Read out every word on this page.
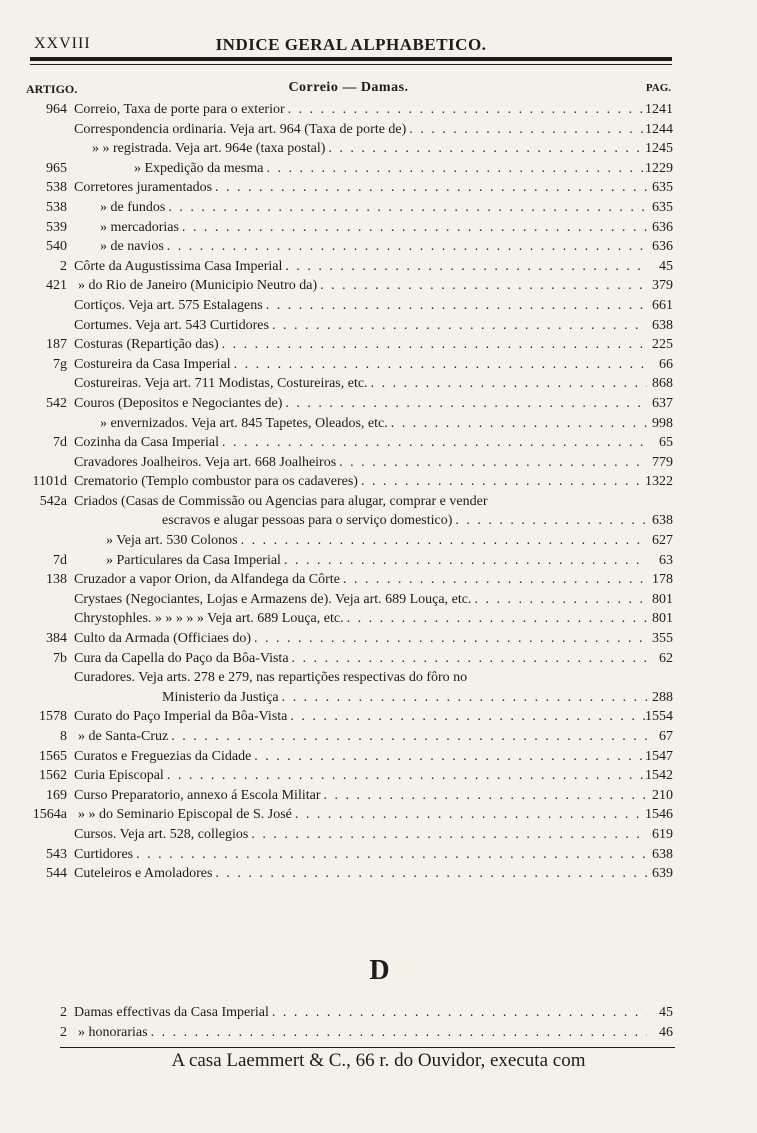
XXVIII	INDICE GERAL ALPHABETICO.
ARTIGO.	Correio — Damas.	PAG.
964 Correio, Taxa de porte para o exterior . . .	1241
Correspondencia ordinaria. Veja art. 964 (Taxa de porte de) . . .	1244
» » registrada. Veja art. 964e (taxa postal) . . .	1245
965	» Expedição da mesma . . .	1229
538 Corretores juramentados . . .	635
538 » de fundos . . .	635
539 » mercadorias . . .	636
540 » de navios . . .	636
2 Côrte da Augustissima Casa Imperial . . .	45
421 » do Rio de Janeiro (Municipio Neutro da) . . .	379
Cortiços. Veja art. 575 Estalagens . . .	661
Cortumes. Veja art. 543 Curtidores . . .	638
187 Costuras (Repartição das) . . .	225
7g Costureira da Casa Imperial . . .	66
Costureiras. Veja art. 711 Modistas, Costureiras, etc. . . .	868
542 Couros (Depositos e Negociantes de) . . .	637
» envernizados. Veja art. 845 Tapetes, Oleados, etc. . . .	998
7d Cozinha da Casa Imperial . . .	65
Cravadores Joalheiros. Veja art. 668 Joalheiros . . .	779
1101d Crematorio (Templo combustor para os cadaveres) . . .	1322
542a Criados (Casas de Commissão ou Agencias para alugar, comprar e vender
escravos e alugar pessoas para o serviço domestico) . . .	638
» Veja art. 530 Colonos . . .	627
7d	» Particulares da Casa Imperial . . .	63
138 Cruzador a vapor Orion, da Alfandega da Côrte . . .	178
Crystaes (Negociantes, Lojas e Armazens de). Veja art. 689 Louça, etc. . . .	801
Chrystophles. » » » » » Veja art. 689 Louça, etc. . . .	801
384 Culto da Armada (Officiaes do) . . .	355
7b Cura da Capella do Paço da Bôa-Vista . . .	62
Curadores. Veja arts. 278 e 279, nas repartições respectivas do fôro no
Ministerio da Justiça . . .	288
1578 Curato do Paço Imperial da Bôa-Vista . . .	1554
8 » de Santa-Cruz . . .	67
1565 Curatos e Freguezias da Cidade . . .	1547
1562 Curia Episcopal . . .	1542
169 Curso Preparatorio, annexo á Escola Militar . . .	210
1564a » » do Seminario Episcopal de S. José . . .	1546
Cursos. Veja art. 528, collegios . . .	619
543 Curtidores . . .	638
544 Cuteleiros e Amoladores . . .	639
D
2 Damas effectivas da Casa Imperial . . .	45
2 » honorarias . . .	46
A casa Laemmert & C., 66 r. do Ouvidor, executa com
